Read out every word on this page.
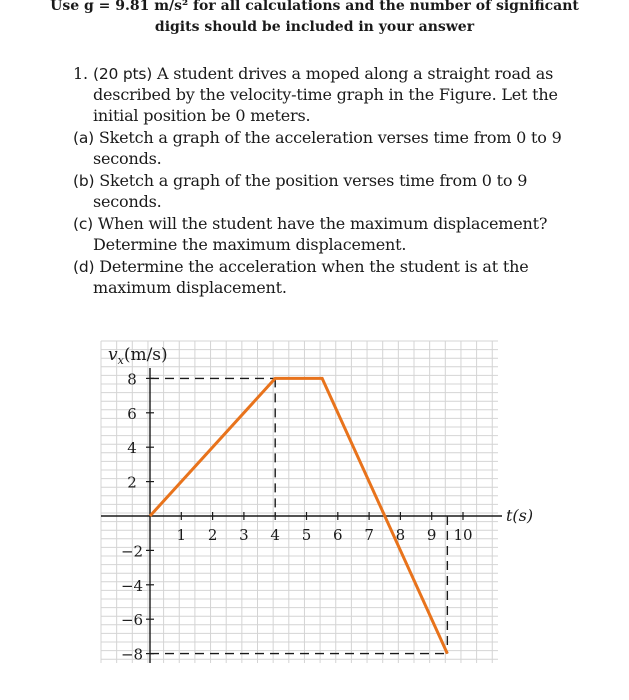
Use g = 9.81 m/s² for all calculations and the number of significant
digits should be included in your answer
1. (20 pts) A student drives a moped along a straight road as
described by the velocity-time graph in the Figure. Let the
initial position be 0 meters.
(a) Sketch a graph of the acceleration verses time from 0 to 9
seconds.
(b) Sketch a graph of the position verses time from 0 to 9
seconds.
(c) When will the student have the maximum displacement?
Determine the maximum displacement.
(d) Determine the acceleration when the student is at the
maximum displacement.
1 2 3 4 5 6 7 8 9 10
8
6
4
2
−2
−4
−6
−8
$v_x(m/s)$
t(s)
